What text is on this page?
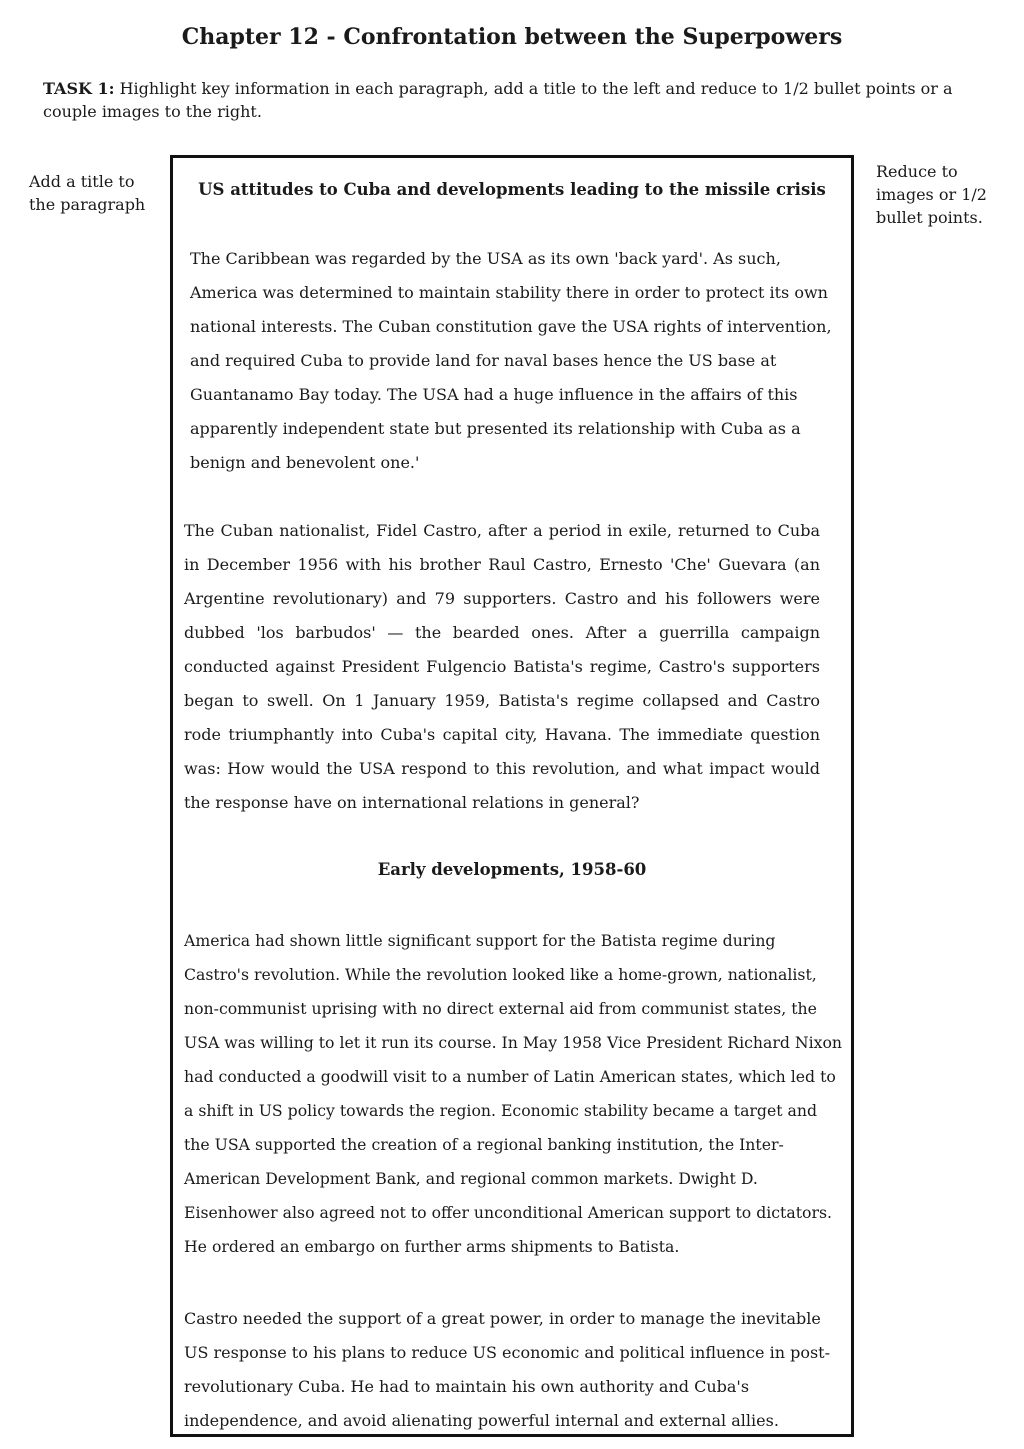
Chapter 12 - Confrontation between the Superpowers

TASK 1: Highlight key information in each paragraph, add a title to the left and reduce to 1/2 bullet points or a couple images to the right.

Add a title to the paragraph
Reduce to images or 1/2 bullet points.
US attitudes to Cuba and developments leading to the missile crisis

The Caribbean was regarded by the USA as its own 'back yard'. As such, America was determined to maintain stability there in order to protect its own national interests. The Cuban constitution gave the USA rights of intervention, and required Cuba to provide land for naval bases hence the US base at Guantanamo Bay today. The USA had a huge influence in the affairs of this apparently independent state but presented its relationship with Cuba as a benign and benevolent one.'

The Cuban nationalist, Fidel Castro, after a period in exile, returned to Cuba in December 1956 with his brother Raul Castro, Ernesto 'Che' Guevara (an Argentine revolutionary) and 79 supporters. Castro and his followers were dubbed 'los barbudos' — the bearded ones. After a guerrilla campaign conducted against President Fulgencio Batista's regime, Castro's supporters began to swell. On 1 January 1959, Batista's regime collapsed and Castro rode triumphantly into Cuba's capital city, Havana. The immediate question was: How would the USA respond to this revolution, and what impact would the response have on international relations in general?

Early developments, 1958-60

America had shown little significant support for the Batista regime during Castro's revolution. While the revolution looked like a home-grown, nationalist, non-communist uprising with no direct external aid from communist states, the USA was willing to let it run its course. In May 1958 Vice President Richard Nixon had conducted a goodwill visit to a number of Latin American states, which led to a shift in US policy towards the region. Economic stability became a target and the USA supported the creation of a regional banking institution, the Inter-American Development Bank, and regional common markets. Dwight D. Eisenhower also agreed not to offer unconditional American support to dictators. He ordered an embargo on further arms shipments to Batista.

Castro needed the support of a great power, in order to manage the inevitable US response to his plans to reduce US economic and political influence in post-revolutionary Cuba. He had to maintain his own authority and Cuba's independence, and avoid alienating powerful internal and external allies.
